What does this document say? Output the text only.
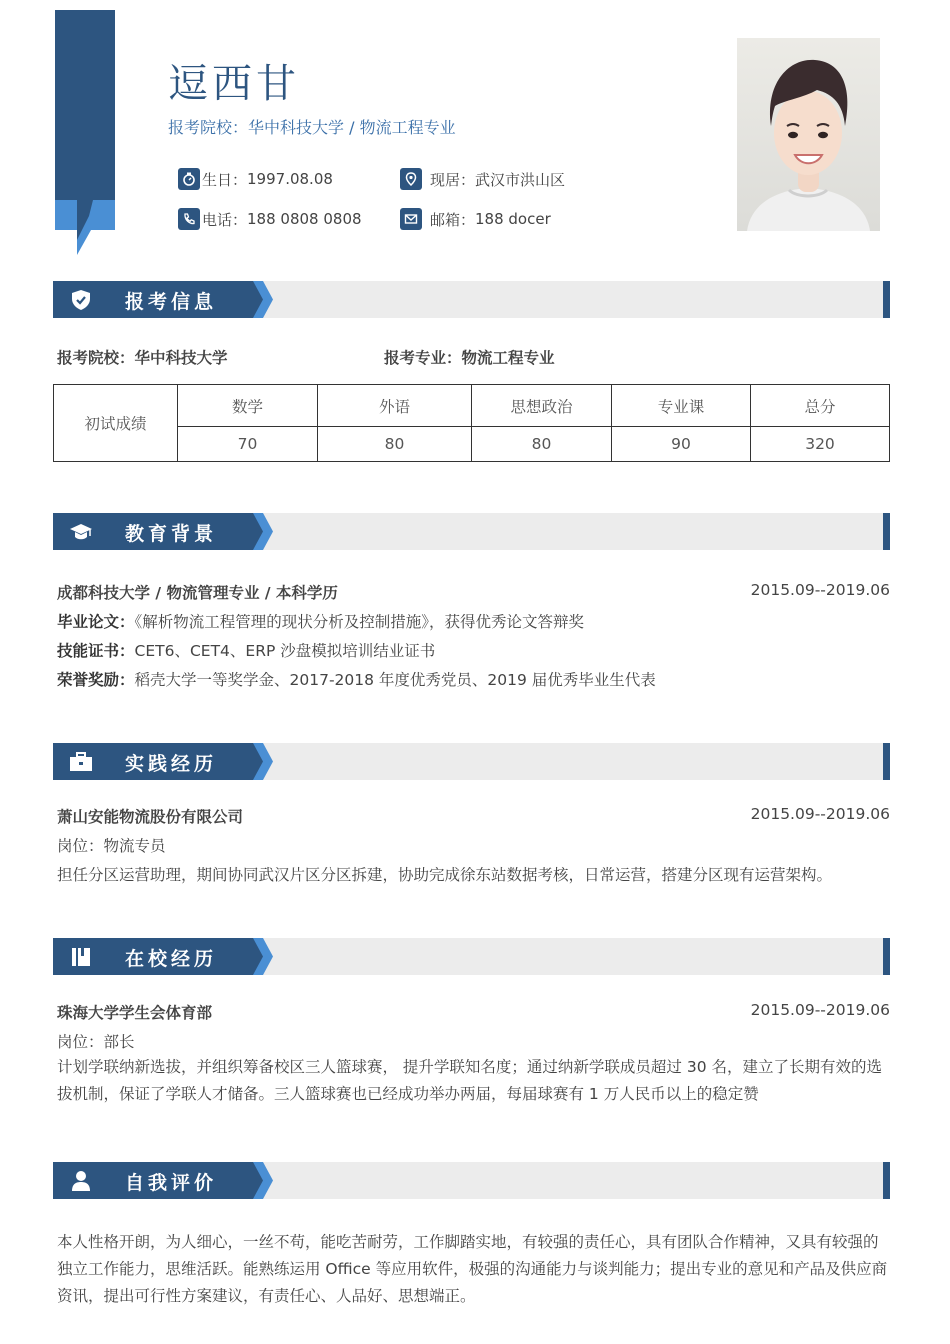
逗西甘
报考院校：华中科技大学 / 物流工程专业
生日： 1997.08.08	现居： 武汉市洪山区
电话： 188 0808 0808	邮箱： 188 docer
报考信息
报考院校：华中科技大学	报考专业：物流工程专业
初试成绩	数学	外语	思想政治	专业课	总分
	70	80	80	90	320
教育背景
成都科技大学 / 物流管理专业 / 本科学历	2015.09--2019.06
毕业论文：《解析物流工程管理的现状分析及控制措施》，获得优秀论文答辩奖
技能证书：CET6、CET4、ERP 沙盘模拟培训结业证书
荣誉奖励：稻壳大学一等奖学金、2017-2018 年度优秀党员、2019 届优秀毕业生代表
实践经历
萧山安能物流股份有限公司	2015.09--2019.06
岗位：物流专员
担任分区运营助理，期间协同武汉片区分区拆建，协助完成徐东站数据考核，日常运营，搭建分区现有运营架构。
在校经历
珠海大学学生会体育部	2015.09--2019.06
岗位：部长
计划学联纳新选拔，并组织筹备校区三人篮球赛， 提升学联知名度；通过纳新学联成员超过 30 名，建立了长期有效的选拔机制，保证了学联人才储备。三人篮球赛也已经成功举办两届，每届球赛有 1 万人民币以上的稳定赞
自我评价
本人性格开朗，为人细心，一丝不苟，能吃苦耐劳，工作脚踏实地，有较强的责任心，具有团队合作精神，又具有较强的独立工作能力，思维活跃。能熟练运用 Office 等应用软件，极强的沟通能力与谈判能力；提出专业的意见和产品及供应商资讯，提出可行性方案建议，有责任心、人品好、思想端正。
